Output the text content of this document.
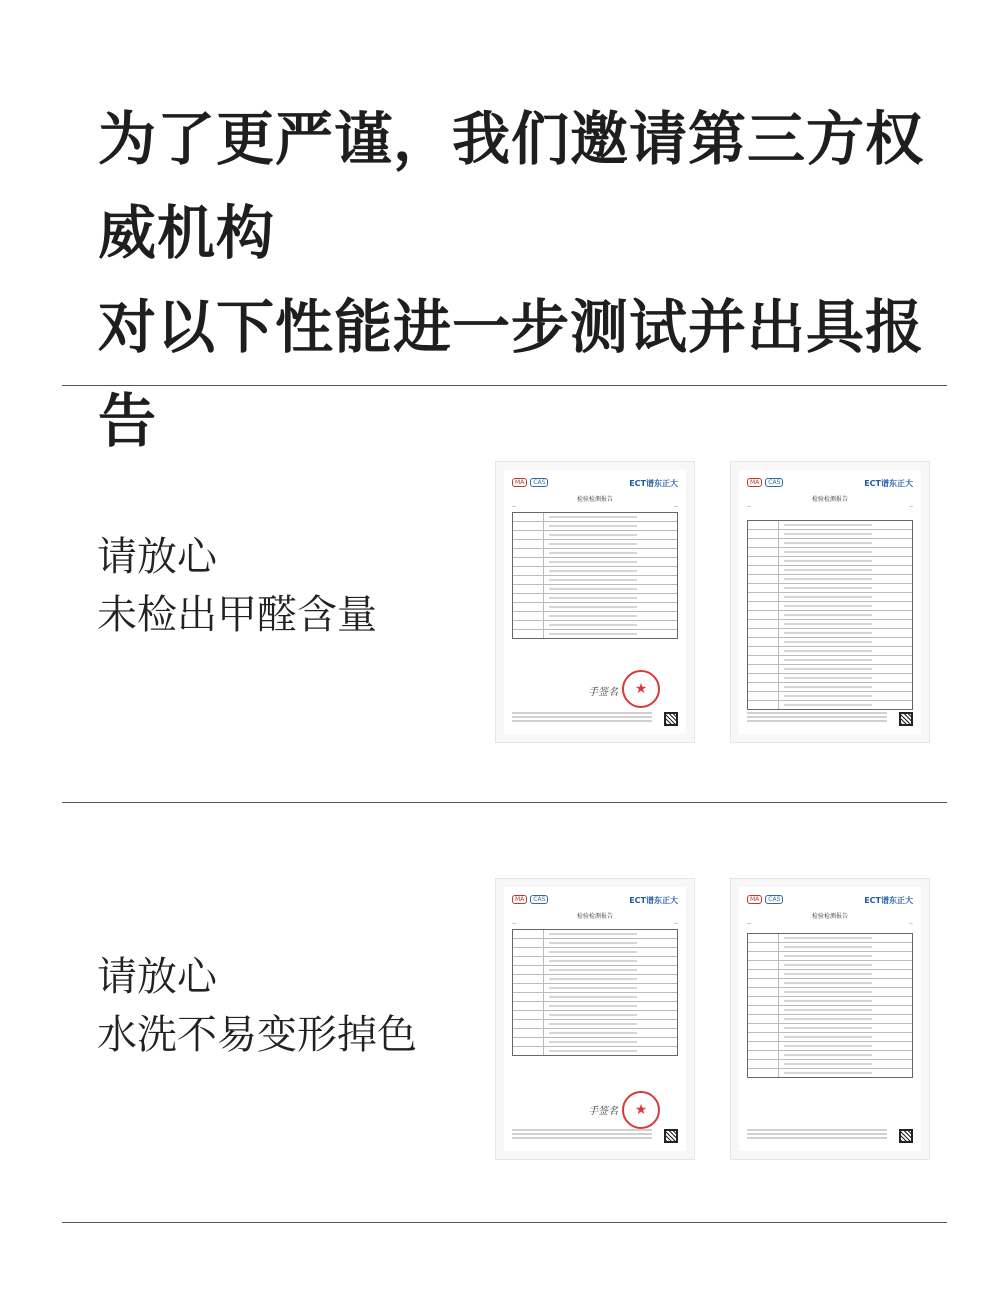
为了更严谨，我们邀请第三方权威机构
对以下性能进一步测试并出具报告
请放心
未检出甲醛含量
MA CAS	ECT谱东正大
检验检测报告
—	—
手签名	★
MA CAS	ECT谱东正大
检验检测报告
—	—
请放心
水洗不易变形掉色
MA CAS	ECT谱东正大
检验检测报告
—	—
手签名	★
MA CAS	ECT谱东正大
检验检测报告
—	—
